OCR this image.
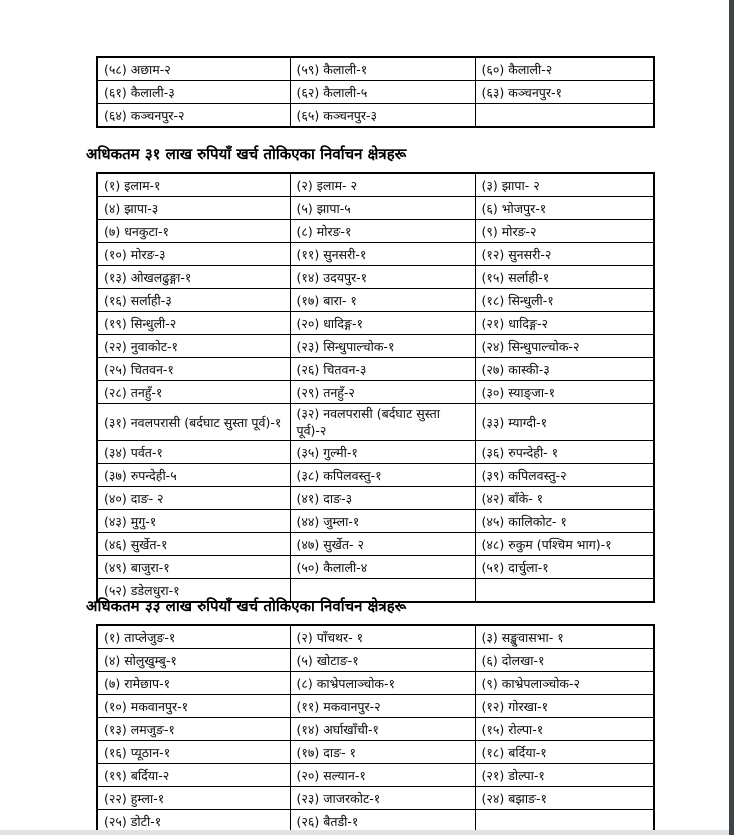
(५८) अछाम-२	(५९) कैलाली-१	(६०) कैलाली-२
(६१) कैलाली-३	(६२) कैलाली-५	(६३) कञ्चनपुर-१
(६४) कञ्चनपुर-२	(६५) कञ्चनपुर-३	
अधिकतम ३१ लाख रुपियाँ खर्च तोकिएका निर्वाचन क्षेत्रहरू
(१) इलाम-१	(२) इलाम- २	(३) झापा- २
(४) झापा-३	(५) झापा-५	(६) भोजपुर-१
(७) धनकुटा-१	(८) मोरङ-१	(९) मोरङ-२
(१०) मोरङ-३	(११) सुनसरी-१	(१२) सुनसरी-२
(१३) ओखलढुङ्गा-१	(१४) उदयपुर-१	(१५) सर्लाही-१
(१६) सर्लाही-३	(१७) बारा- १	(१८) सिन्धुली-१
(१९) सिन्धुली-२	(२०) धादिङ्ग-१	(२१) धादिङ्ग-२
(२२) नुवाकोट-१	(२३) सिन्धुपाल्चोक-१	(२४) सिन्धुपाल्चोक-२
(२५) चितवन-१	(२६) चितवन-३	(२७) कास्की-३
(२८) तनहुँ-१	(२९) तनहुँ-२	(३०) स्याङ्जा-१
(३१) नवलपरासी (बर्दघाट सुस्ता पूर्व)-१	(३२) नवलपरासी (बर्दघाट सुस्ता पूर्व)-२	(३३) म्याग्दी-१
(३४) पर्वत-१	(३५) गुल्मी-१	(३६) रुपन्देही- १
(३७) रुपन्देही-५	(३८) कपिलवस्तु-१	(३९) कपिलवस्तु-२
(४०) दाङ- २	(४१) दाङ-३	(४२) बाँके- १
(४३) मुगु-१	(४४) जुम्ला-१	(४५) कालिकोट- १
(४६) सुर्खेत-१	(४७) सुर्खेत- २	(४८) रुकुम (पश्चिम भाग)-१
(४९) बाजुरा-१	(५०) कैलाली-४	(५१) दार्चुला-१
(५२) डडेलधुरा-१		
अधिकतम ३३ लाख रुपियाँ खर्च तोकिएका निर्वाचन क्षेत्रहरू
(१) ताप्लेजुङ-१	(२) पाँचथर- १	(३) सङ्खुवासभा- १
(४) सोलुखुम्बु-१	(५) खोटाङ-१	(६) दोलखा-१
(७) रामेछाप-१	(८) काभ्रेपलाञ्चोक-१	(९) काभ्रेपलाञ्चोक-२
(१०) मकवानपुर-१	(११) मकवानपुर-२	(१२) गोरखा-१
(१३) लमजुङ-१	(१४) अर्घाखाँची-१	(१५) रोल्पा-१
(१६) प्यूठान-१	(१७) दाङ- १	(१८) बर्दिया-१
(१९) बर्दिया-२	(२०) सल्यान-१	(२१) डोल्पा-१
(२२) हुम्ला-१	(२३) जाजरकोट-१	(२४) बझाङ-१
(२५) डोटी-१	(२६) बैतडी-१	
